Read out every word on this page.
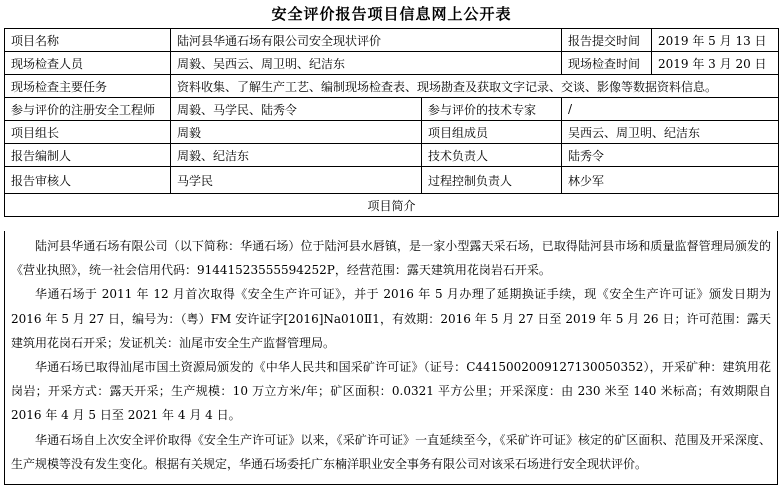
安全评价报告项目信息网上公开表
项目名称	陆河县华通石场有限公司安全现状评价		报告提交时间	2019 年 5 月 13 日
现场检查人员	周毅、吴西云、周卫明、纪洁东		现场检查时间	2019 年 3 月 20 日
现场检查主要任务	资料收集、了解生产工艺、编制现场检查表、现场勘查及获取文字记录、交谈、影像等数据资料信息。			
参与评价的注册安全工程师	周毅、马学民、陆秀令	参与评价的技术专家	/	
项目组长	周毅	项目组成员	吴西云、周卫明、纪洁东	
报告编制人	周毅、纪洁东	技术负责人	陆秀令	
报告审核人	马学民	过程控制负责人	林少军	
项目简介				

陆河县华通石场有限公司（以下简称：华通石场）位于陆河县水唇镇，是一家小型露天采石场，已取得陆河县市场和质量监督管理局颁发的《营业执照》，统一社会信用代码：91441523555594252P，经营范围：露天建筑用花岗岩石开采。

华通石场于 2011 年 12 月首次取得《安全生产许可证》，并于 2016 年 5 月办理了延期换证手续，现《安全生产许可证》颁发日期为 2016 年 5 月 27 日，编号为：（粤）FM 安许证字[2016]Na010Ⅱ1，有效期：2016 年 5 月 27 日至 2019 年 5 月 26 日；许可范围：露天建筑用花岗石开采；发证机关：汕尾市安全生产监督管理局。

华通石场已取得汕尾市国土资源局颁发的《中华人民共和国采矿许可证》（证号：C4415002009127130050352），开采矿种：建筑用花岗岩；开采方式：露天开采；生产规模：10 万立方米/年；矿区面积：0.0321 平方公里；开采深度：由 230 米至 140 米标高；有效期限自 2016 年 4 月 5 日至 2021 年 4 月 4 日。

华通石场自上次安全评价取得《安全生产许可证》以来，《采矿许可证》一直延续至今，《采矿许可证》核定的矿区面积、范围及开采深度、生产规模等没有发生变化。根据有关规定，华通石场委托广东楠洋职业安全事务有限公司对该采石场进行安全现状评价。
